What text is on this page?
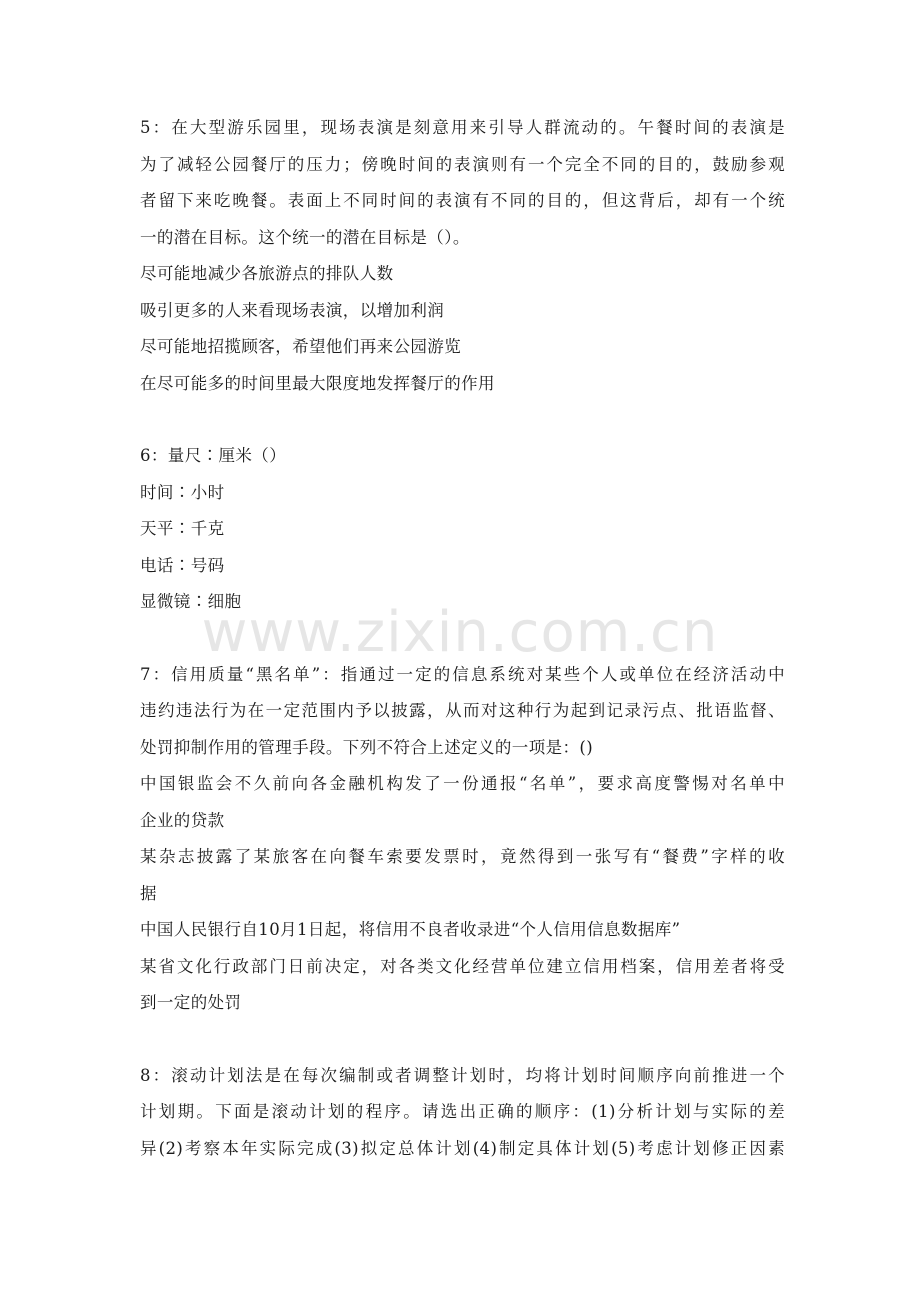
www.zixin.com.cn
5：在大型游乐园里，现场表演是刻意用来引导人群流动的。午餐时间的表演是
为了减轻公园餐厅的压力；傍晚时间的表演则有一个完全不同的目的，鼓励参观
者留下来吃晚餐。表面上不同时间的表演有不同的目的，但这背后，却有一个统
一的潜在目标。这个统一的潜在目标是（）。
尽可能地减少各旅游点的排队人数
吸引更多的人来看现场表演，以增加利润
尽可能地招揽顾客，希望他们再来公园游览
在尽可能多的时间里最大限度地发挥餐厅的作用
6：量尺∶厘米（）
时间∶小时
天平∶千克
电话∶号码
显微镜∶细胞
7：信用质量“黑名单”：指通过一定的信息系统对某些个人或单位在经济活动中
违约违法行为在一定范围内予以披露，从而对这种行为起到记录污点、批语监督、
处罚抑制作用的管理手段。下列不符合上述定义的一项是：()
中国银监会不久前向各金融机构发了一份通报“名单”，要求高度警惕对名单中
企业的贷款
某杂志披露了某旅客在向餐车索要发票时，竟然得到一张写有“餐费”字样的收
据
中国人民银行自10月1日起，将信用不良者收录进“个人信用信息数据库”
某省文化行政部门日前决定，对各类文化经营单位建立信用档案，信用差者将受
到一定的处罚
8：滚动计划法是在每次编制或者调整计划时，均将计划时间顺序向前推进一个
计划期。下面是滚动计划的程序。请选出正确的顺序：(1)分析计划与实际的差
异(2)考察本年实际完成(3)拟定总体计划(4)制定具体计划(5)考虑计划修正因素
